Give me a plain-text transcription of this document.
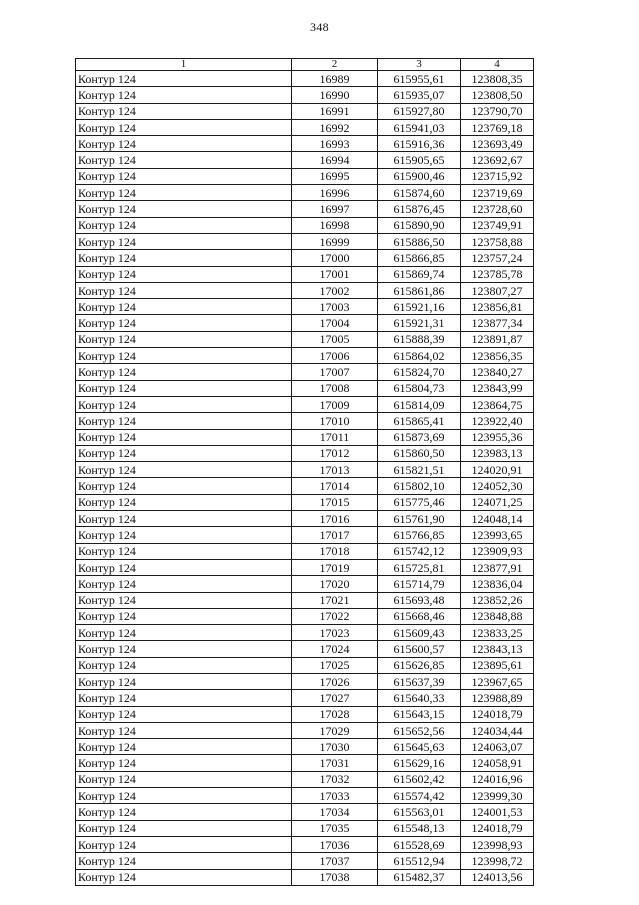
348
1	2	3	4
Контур 124	16989	615955,61	123808,35
Контур 124	16990	615935,07	123808,50
Контур 124	16991	615927,80	123790,70
Контур 124	16992	615941,03	123769,18
Контур 124	16993	615916,36	123693,49
Контур 124	16994	615905,65	123692,67
Контур 124	16995	615900,46	123715,92
Контур 124	16996	615874,60	123719,69
Контур 124	16997	615876,45	123728,60
Контур 124	16998	615890,90	123749,91
Контур 124	16999	615886,50	123758,88
Контур 124	17000	615866,85	123757,24
Контур 124	17001	615869,74	123785,78
Контур 124	17002	615861,86	123807,27
Контур 124	17003	615921,16	123856,81
Контур 124	17004	615921,31	123877,34
Контур 124	17005	615888,39	123891,87
Контур 124	17006	615864,02	123856,35
Контур 124	17007	615824,70	123840,27
Контур 124	17008	615804,73	123843,99
Контур 124	17009	615814,09	123864,75
Контур 124	17010	615865,41	123922,40
Контур 124	17011	615873,69	123955,36
Контур 124	17012	615860,50	123983,13
Контур 124	17013	615821,51	124020,91
Контур 124	17014	615802,10	124052,30
Контур 124	17015	615775,46	124071,25
Контур 124	17016	615761,90	124048,14
Контур 124	17017	615766,85	123993,65
Контур 124	17018	615742,12	123909,93
Контур 124	17019	615725,81	123877,91
Контур 124	17020	615714,79	123836,04
Контур 124	17021	615693,48	123852,26
Контур 124	17022	615668,46	123848,88
Контур 124	17023	615609,43	123833,25
Контур 124	17024	615600,57	123843,13
Контур 124	17025	615626,85	123895,61
Контур 124	17026	615637,39	123967,65
Контур 124	17027	615640,33	123988,89
Контур 124	17028	615643,15	124018,79
Контур 124	17029	615652,56	124034,44
Контур 124	17030	615645,63	124063,07
Контур 124	17031	615629,16	124058,91
Контур 124	17032	615602,42	124016,96
Контур 124	17033	615574,42	123999,30
Контур 124	17034	615563,01	124001,53
Контур 124	17035	615548,13	124018,79
Контур 124	17036	615528,69	123998,93
Контур 124	17037	615512,94	123998,72
Контур 124	17038	615482,37	124013,56
